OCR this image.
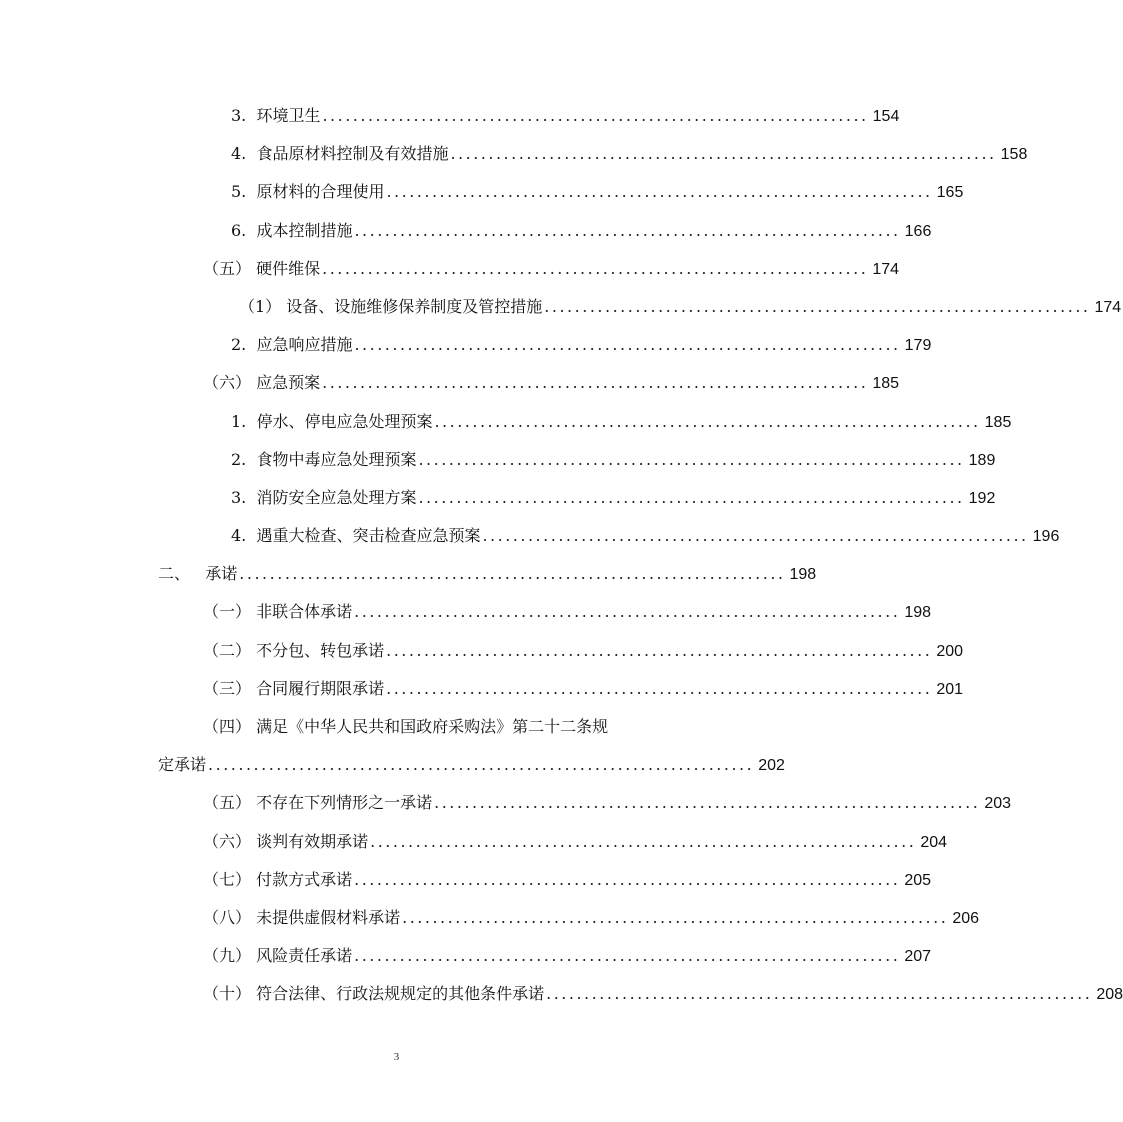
3.
环境卫生 ........................................................................ 154
4.
食品原材料控制及有效措施 ........................................................................ 158
5.
原材料的合理使用 ........................................................................ 165
6.
成本控制措施 ........................................................................ 166
（五）
硬件维保 ........................................................................ 174
（1）
设备、设施维修保养制度及管控措施 ........................................................................ 174
2.
应急响应措施 ........................................................................ 179
（六）
应急预案 ........................................................................ 185
1.
停水、停电应急处理预案 ........................................................................ 185
2.
食物中毒应急处理预案 ........................................................................ 189
3.
消防安全应急处理方案 ........................................................................ 192
4.
遇重大检查、突击检查应急预案 ........................................................................ 196
二、
承诺 ........................................................................ 198
（一）
非联合体承诺 ........................................................................ 198
（二）
不分包、转包承诺 ........................................................................ 200
（三）
合同履行期限承诺 ........................................................................ 201
（四） 满足《中华人民共和国政府采购法》第二十二条规
定承诺 ........................................................................ 202
（五）
不存在下列情形之一承诺 ........................................................................ 203
（六）
谈判有效期承诺 ........................................................................ 204
（七）
付款方式承诺 ........................................................................ 205
（八）
未提供虚假材料承诺 ........................................................................ 206
（九）
风险责任承诺 ........................................................................ 207
（十）
符合法律、行政法规规定的其他条件承诺 ........................................................................ 208
3
